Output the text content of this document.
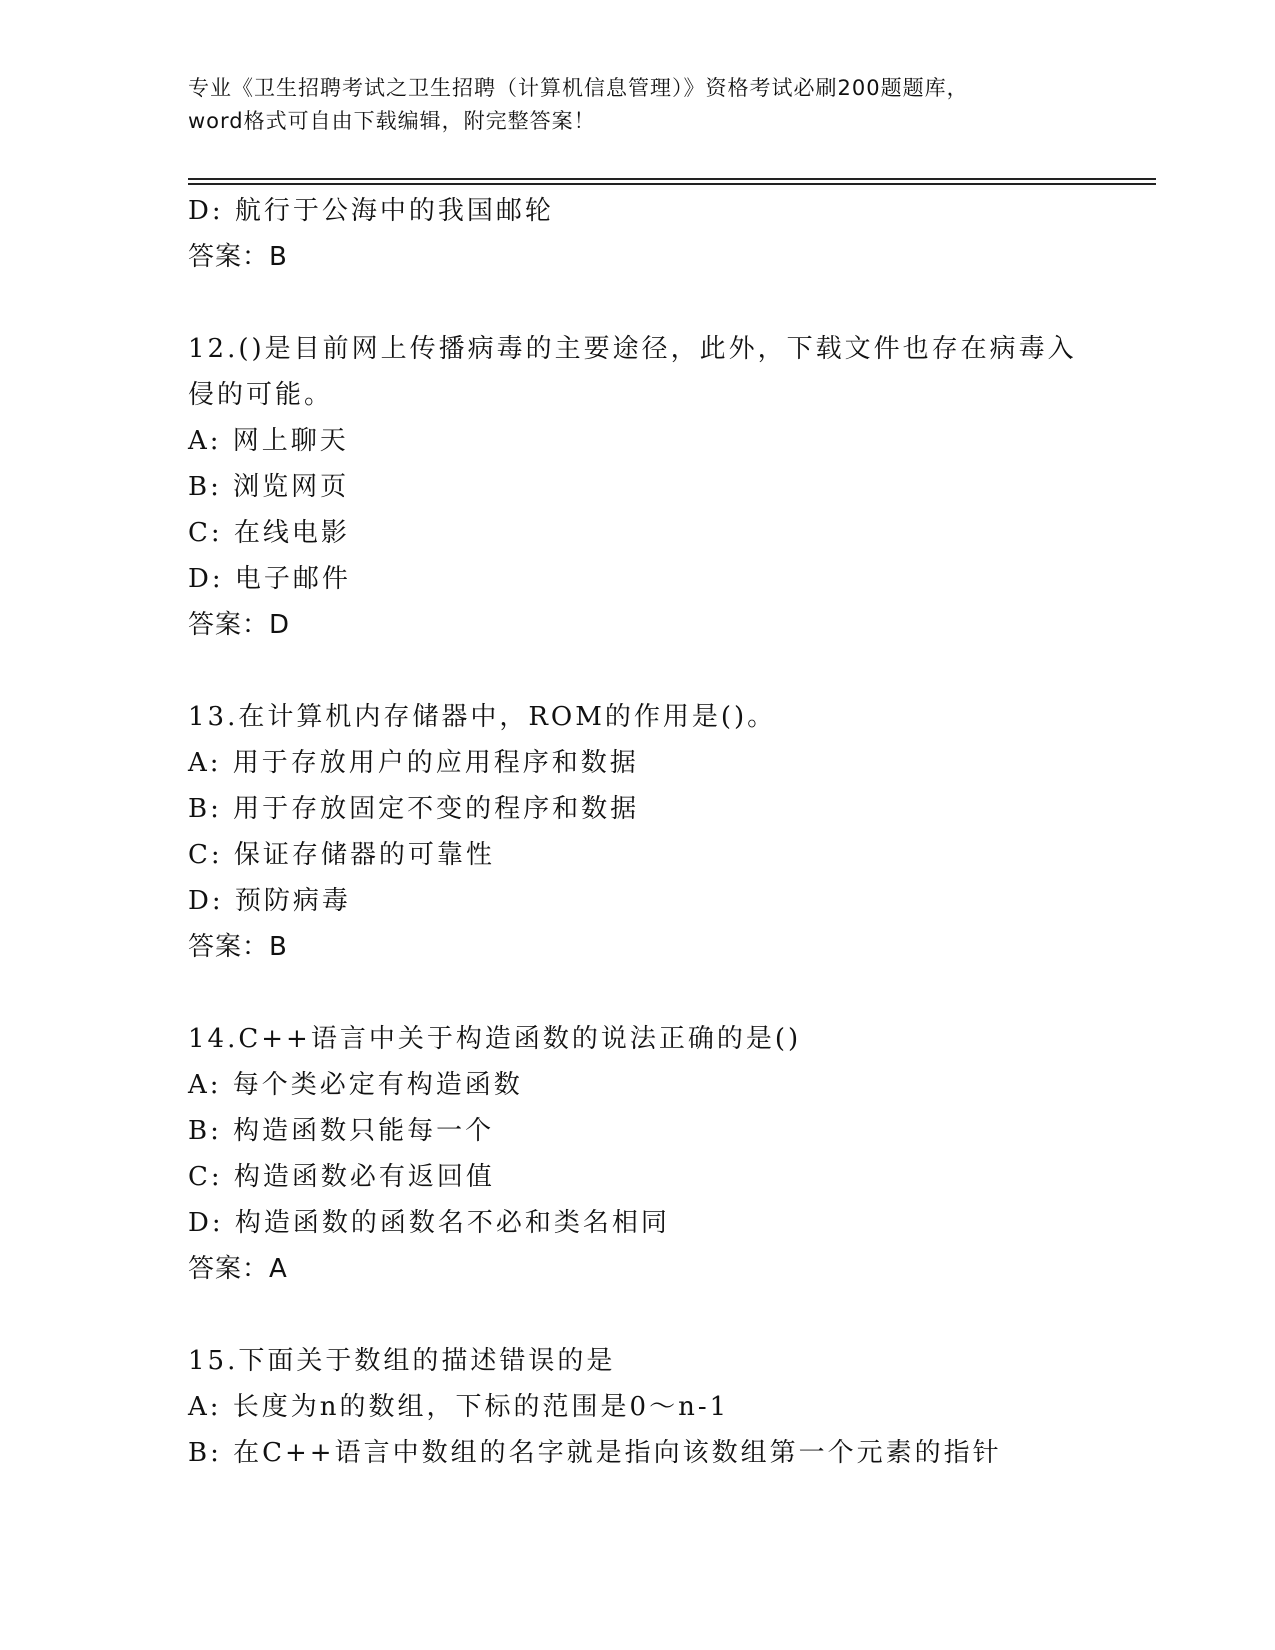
专业《卫生招聘考试之卫生招聘（计算机信息管理）》资格考试必刷200题题库，
word格式可自由下载编辑，附完整答案！
D: 航行于公海中的我国邮轮
答案：B
12.()是目前网上传播病毒的主要途径，此外，下载文件也存在病毒入
侵的可能。
A: 网上聊天
B: 浏览网页
C: 在线电影
D: 电子邮件
答案：D
13.在计算机内存储器中，ROM的作用是()。
A: 用于存放用户的应用程序和数据
B: 用于存放固定不变的程序和数据
C: 保证存储器的可靠性
D: 预防病毒
答案：B
14.C++语言中关于构造函数的说法正确的是()
A: 每个类必定有构造函数
B: 构造函数只能每一个
C: 构造函数必有返回值
D: 构造函数的函数名不必和类名相同
答案：A
15.下面关于数组的描述错误的是
A: 长度为n的数组，下标的范围是0～n-1
B: 在C++语言中数组的名字就是指向该数组第一个元素的指针
